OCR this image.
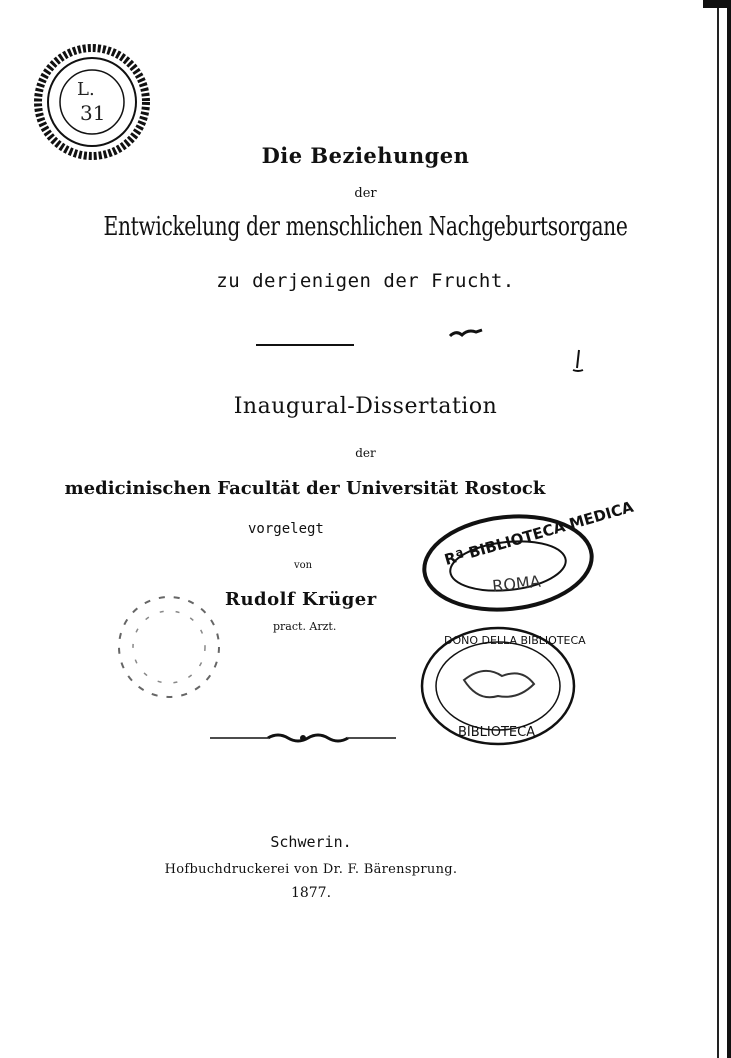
L.
31
Die Beziehungen
der
Entwickelung der menschlichen Nachgeburtsorgane
zu derjenigen der Frucht.
Inaugural-Dissertation
der
medicinischen Facultät der Universität Rostock
vorgelegt
von
Rudolf Krüger
pract. Arzt.
Rª BIBLIOTECA MEDICA
ROMA
DONO DELLA BIBLIOTECA
BIBLIOTECA
Schwerin.
Hofbuchdruckerei von Dr. F. Bärensprung.
1877.
